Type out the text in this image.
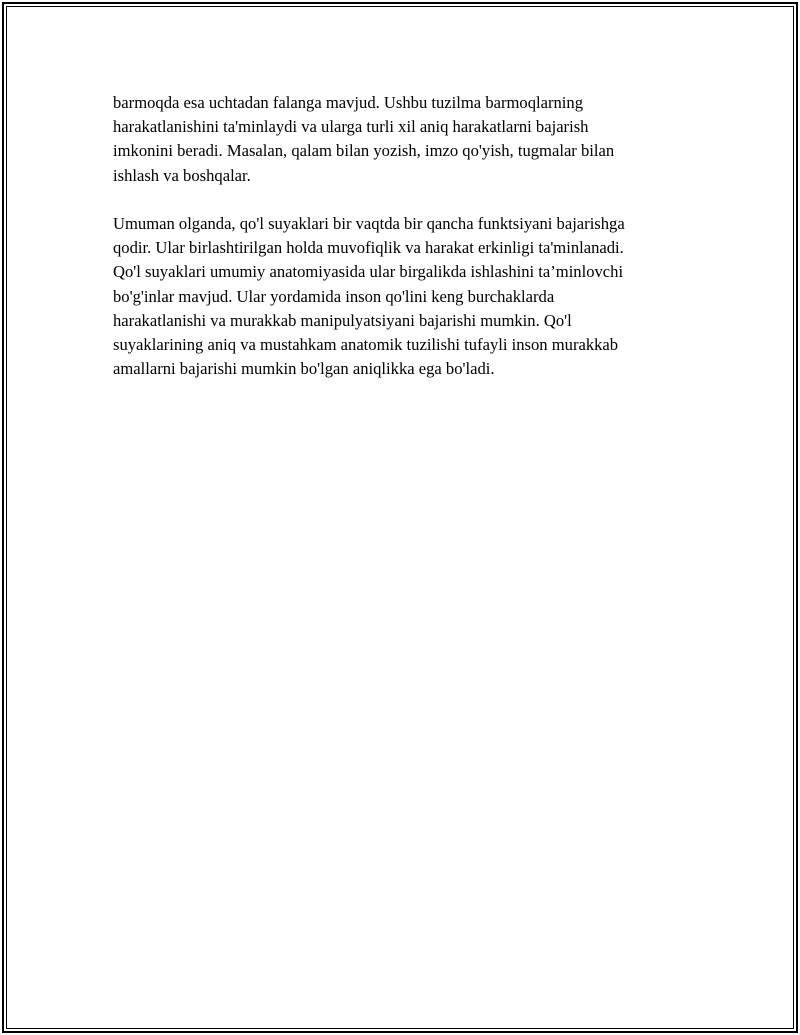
barmoqda esa uchtadan falanga mavjud. Ushbu tuzilma barmoqlarning
harakatlanishini ta'minlaydi va ularga turli xil aniq harakatlarni bajarish
imkonini beradi. Masalan, qalam bilan yozish, imzo qo'yish, tugmalar bilan
ishlash va boshqalar.

Umuman olganda, qo'l suyaklari bir vaqtda bir qancha funktsiyani bajarishga
qodir. Ular birlashtirilgan holda muvofiqlik va harakat erkinligi ta'minlanadi.
Qo'l suyaklari umumiy anatomiyasida ular birgalikda ishlashini ta’minlovchi
bo'g'inlar mavjud. Ular yordamida inson qo'lini keng burchaklarda
harakatlanishi va murakkab manipulyatsiyani bajarishi mumkin. Qo'l
suyaklarining aniq va mustahkam anatomik tuzilishi tufayli inson murakkab
amallarni bajarishi mumkin bo'lgan aniqlikka ega bo'ladi.
